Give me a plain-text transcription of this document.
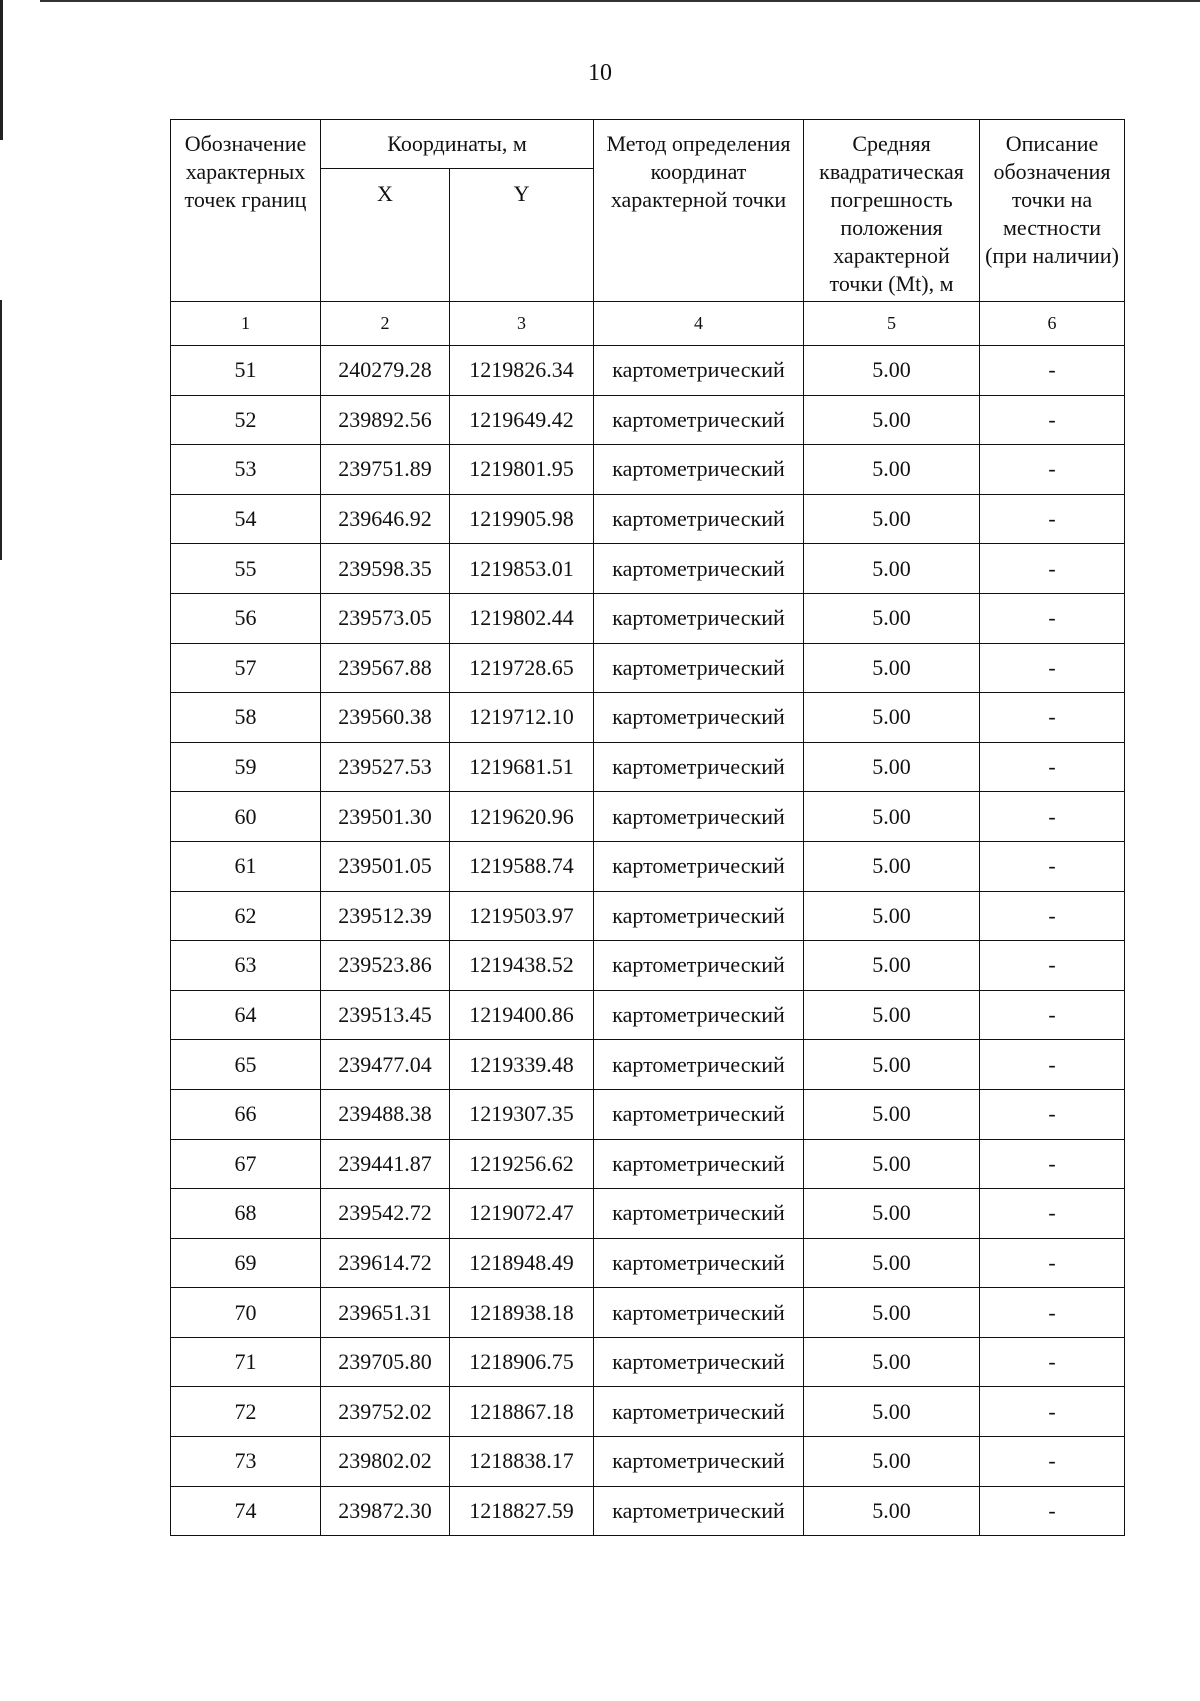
10
Обозначение характерных точек границ	Координаты, м		Метод определения координат характерной точки	Средняя квадратическая погрешность положения характерной точки (Mt), м	Описание обозначения точки на местности (при наличии)
	X	Y			
1	2	3	4	5	6
51	240279.28	1219826.34	картометрический	5.00	-
52	239892.56	1219649.42	картометрический	5.00	-
53	239751.89	1219801.95	картометрический	5.00	-
54	239646.92	1219905.98	картометрический	5.00	-
55	239598.35	1219853.01	картометрический	5.00	-
56	239573.05	1219802.44	картометрический	5.00	-
57	239567.88	1219728.65	картометрический	5.00	-
58	239560.38	1219712.10	картометрический	5.00	-
59	239527.53	1219681.51	картометрический	5.00	-
60	239501.30	1219620.96	картометрический	5.00	-
61	239501.05	1219588.74	картометрический	5.00	-
62	239512.39	1219503.97	картометрический	5.00	-
63	239523.86	1219438.52	картометрический	5.00	-
64	239513.45	1219400.86	картометрический	5.00	-
65	239477.04	1219339.48	картометрический	5.00	-
66	239488.38	1219307.35	картометрический	5.00	-
67	239441.87	1219256.62	картометрический	5.00	-
68	239542.72	1219072.47	картометрический	5.00	-
69	239614.72	1218948.49	картометрический	5.00	-
70	239651.31	1218938.18	картометрический	5.00	-
71	239705.80	1218906.75	картометрический	5.00	-
72	239752.02	1218867.18	картометрический	5.00	-
73	239802.02	1218838.17	картометрический	5.00	-
74	239872.30	1218827.59	картометрический	5.00	-
